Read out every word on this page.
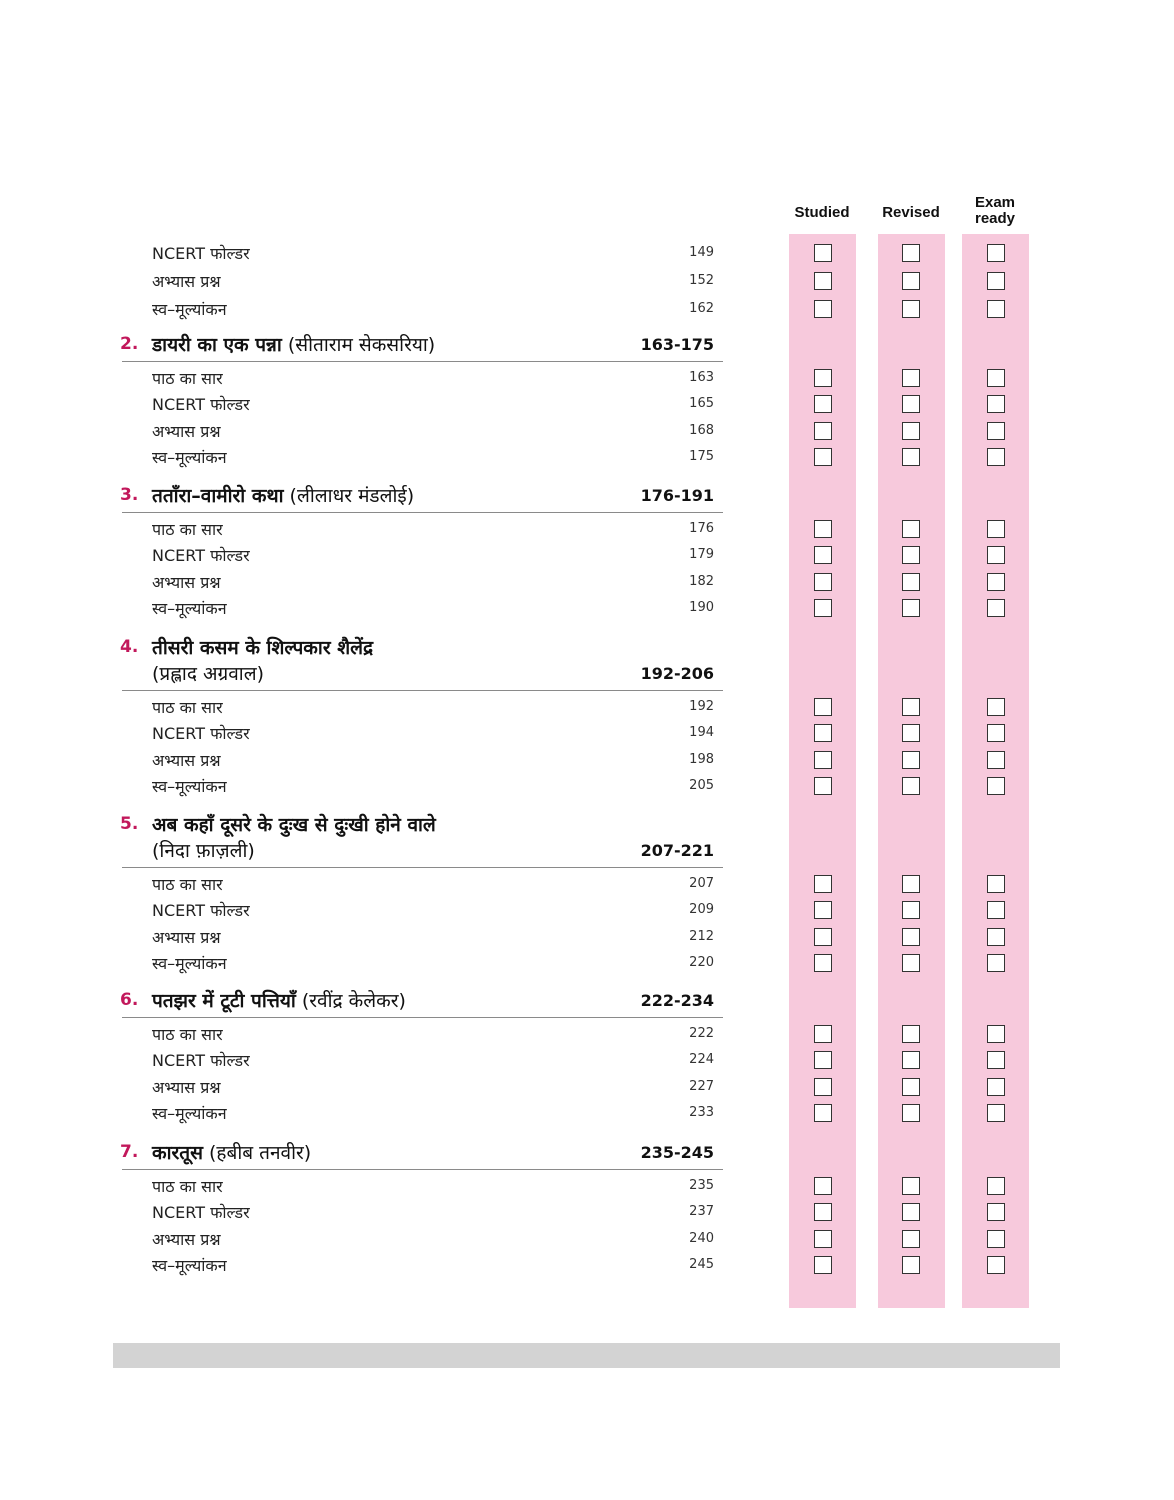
Studied	Revised
Exam
ready
NCERT फोल्डर	149
अभ्यास प्रश्न	152
स्व–मूल्यांकन	162
2. डायरी का एक पन्ना (सीताराम सेकसरिया)	163-175
पाठ का सार	163
NCERT फोल्डर	165
अभ्यास प्रश्न	168
स्व–मूल्यांकन	175
3. तताँरा–वामीरो कथा (लीलाधर मंडलोई)	176-191
पाठ का सार	176
NCERT फोल्डर	179
अभ्यास प्रश्न	182
स्व–मूल्यांकन	190
4. तीसरी कसम के शिल्पकार शैलेंद्र
(प्रह्लाद अग्रवाल)	192-206
पाठ का सार	192
NCERT फोल्डर	194
अभ्यास प्रश्न	198
स्व–मूल्यांकन	205
5. अब कहाँ दूसरे के दुःख से दुःखी होने वाले
(निदा फ़ाज़ली)	207-221
पाठ का सार	207
NCERT फोल्डर	209
अभ्यास प्रश्न	212
स्व–मूल्यांकन	220
6. पतझर में टूटी पत्तियाँ (रवींद्र केलेकर)	222-234
पाठ का सार	222
NCERT फोल्डर	224
अभ्यास प्रश्न	227
स्व–मूल्यांकन	233
7. कारतूस (हबीब तनवीर)	235-245
पाठ का सार	235
NCERT फोल्डर	237
अभ्यास प्रश्न	240
स्व–मूल्यांकन	245
